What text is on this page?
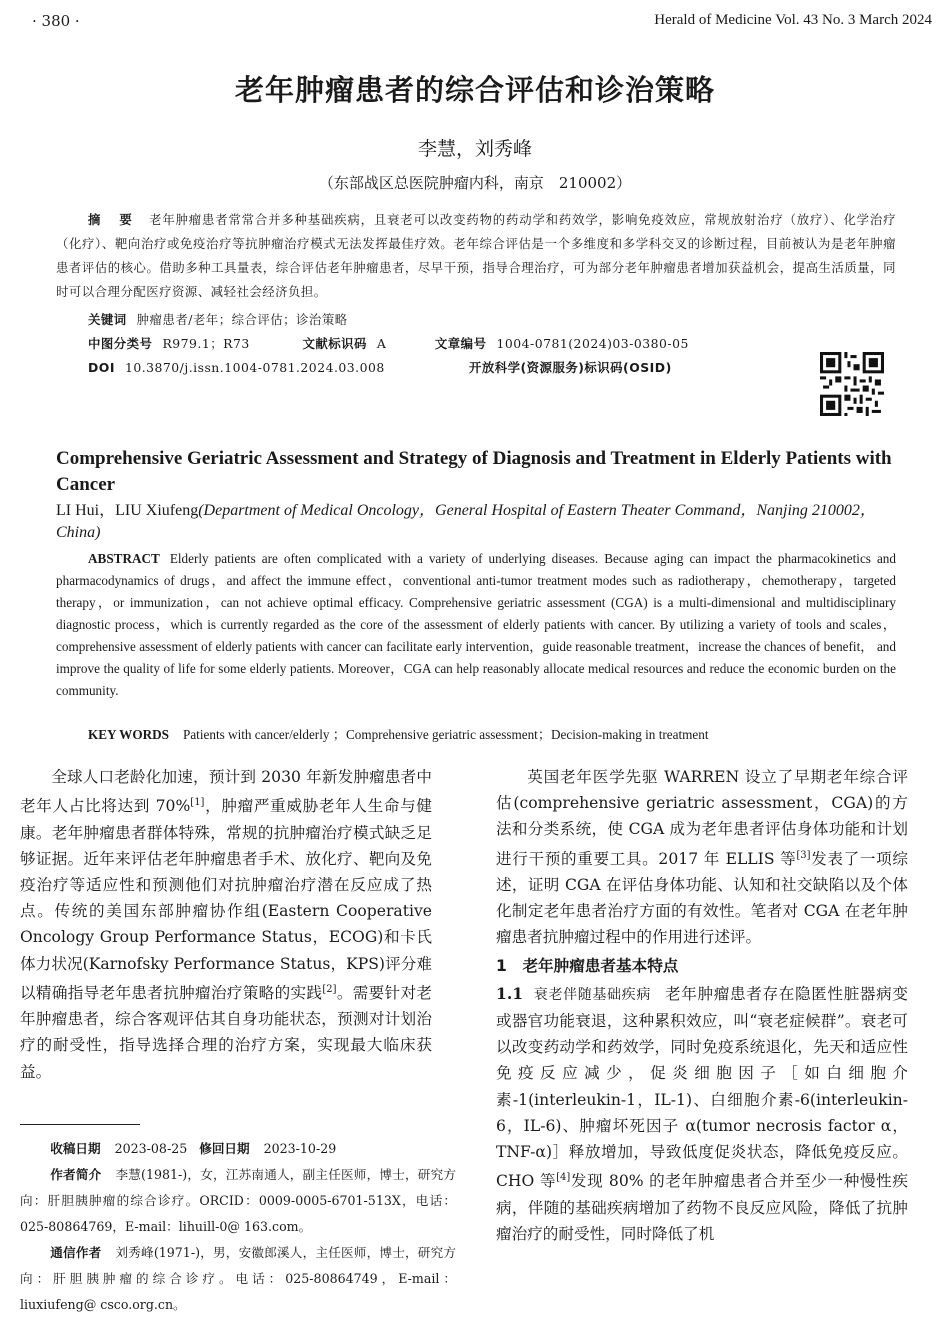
· 380 ·	Herald of Medicine Vol. 43 No. 3 March 2024
老年肿瘤患者的综合评估和诊治策略
李慧，刘秀峰
（东部战区总医院肿瘤内科，南京　210002）
摘　要 老年肿瘤患者常常合并多种基础疾病，且衰老可以改变药物的药动学和药效学，影响免疫效应，常规放射治疗（放疗）、化学治疗（化疗）、靶向治疗或免疫治疗等抗肿瘤治疗模式无法发挥最佳疗效。老年综合评估是一个多维度和多学科交叉的诊断过程，目前被认为是老年肿瘤患者评估的核心。借助多种工具量表，综合评估老年肿瘤患者，尽早干预，指导合理治疗，可为部分老年肿瘤患者增加获益机会，提高生活质量，同时可以合理分配医疗资源、减轻社会经济负担。
关键词 肿瘤患者/老年；综合评估；诊治策略
中图分类号 R979.1；R73	文献标识码 A	文章编号 1004-0781(2024)03-0380-05
DOI 10.3870/j.issn.1004-0781.2024.03.008	开放科学(资源服务)标识码(OSID)
Comprehensive Geriatric Assessment and Strategy of Diagnosis and Treatment in Elderly Patients with Cancer
LI Hui，LIU Xiufeng(Department of Medical Oncology，General Hospital of Eastern Theater Command，Nanjing 210002，China)
ABSTRACT Elderly patients are often complicated with a variety of underlying diseases. Because aging can impact the pharmacokinetics and pharmacodynamics of drugs，and affect the immune effect，conventional anti-tumor treatment modes such as radiotherapy，chemotherapy，targeted therapy，or immunization，can not achieve optimal efficacy. Comprehensive geriatric assessment (CGA) is a multi-dimensional and multidisciplinary diagnostic process，which is currently regarded as the core of the assessment of elderly patients with cancer. By utilizing a variety of tools and scales，comprehensive assessment of elderly patients with cancer can facilitate early intervention，guide reasonable treatment，increase the chances of benefit， and improve the quality of life for some elderly patients. Moreover，CGA can help reasonably allocate medical resources and reduce the economic burden on the community.
KEY WORDS Patients with cancer/elderly ；Comprehensive geriatric assessment；Decision-making in treatment

全球人口老龄化加速，预计到 2030 年新发肿瘤患者中老年人占比将达到 70%[1]，肿瘤严重威胁老年人生命与健康。老年肿瘤患者群体特殊，常规的抗肿瘤治疗模式缺乏足够证据。近年来评估老年肿瘤患者手术、放化疗、靶向及免疫治疗等适应性和预测他们对抗肿瘤治疗潜在反应成了热点。传统的美国东部肿瘤协作组(Eastern Cooperative Oncology Group Performance Status，ECOG)和卡氏体力状况(Karnofsky Performance Status，KPS)评分难以精确指导老年患者抗肿瘤治疗策略的实践[2]。需要针对老年肿瘤患者，综合客观评估其自身功能状态，预测对计划治疗的耐受性，指导选择合理的治疗方案，实现最大临床获益。

收稿日期 2023-08-25 修回日期 2023-10-29

作者简介 李慧(1981-)，女，江苏南通人，副主任医师，博士，研究方向：肝胆胰肿瘤的综合诊疗。ORCID：0009-0005-6701-513X，电话：025-80864769，E-mail：lihuill-0@ 163.com。

通信作者 刘秀峰(1971-)，男，安徽郎溪人，主任医师，博士，研究方向：肝胆胰肿瘤的综合诊疗。电话：025-80864749，E-mail：liuxiufeng@ csco.org.cn。

英国老年医学先驱 WARREN 设立了早期老年综合评估(comprehensive geriatric assessment，CGA)的方法和分类系统，使 CGA 成为老年患者评估身体功能和计划进行干预的重要工具。2017 年 ELLIS 等[3]发表了一项综述，证明 CGA 在评估身体功能、认知和社交缺陷以及个体化制定老年患者治疗方面的有效性。笔者对 CGA 在老年肿瘤患者抗肿瘤过程中的作用进行述评。

1　老年肿瘤患者基本特点

1.1 衰老伴随基础疾病 老年肿瘤患者存在隐匿性脏器病变或器官功能衰退，这种累积效应，叫“衰老症候群”。衰老可以改变药动学和药效学，同时免疫系统退化，先天和适应性免疫反应减少，促炎细胞因子［如白细胞介素-1(interleukin-1，IL-1)、白细胞介素-6(interleukin-6，IL-6)、肿瘤坏死因子 α(tumor necrosis factor α，TNF-α)］释放增加，导致低度促炎状态，降低免疫反应。CHO 等[4]发现 80% 的老年肿瘤患者合并至少一种慢性疾病，伴随的基础疾病增加了药物不良反应风险，降低了抗肿瘤治疗的耐受性，同时降低了机
